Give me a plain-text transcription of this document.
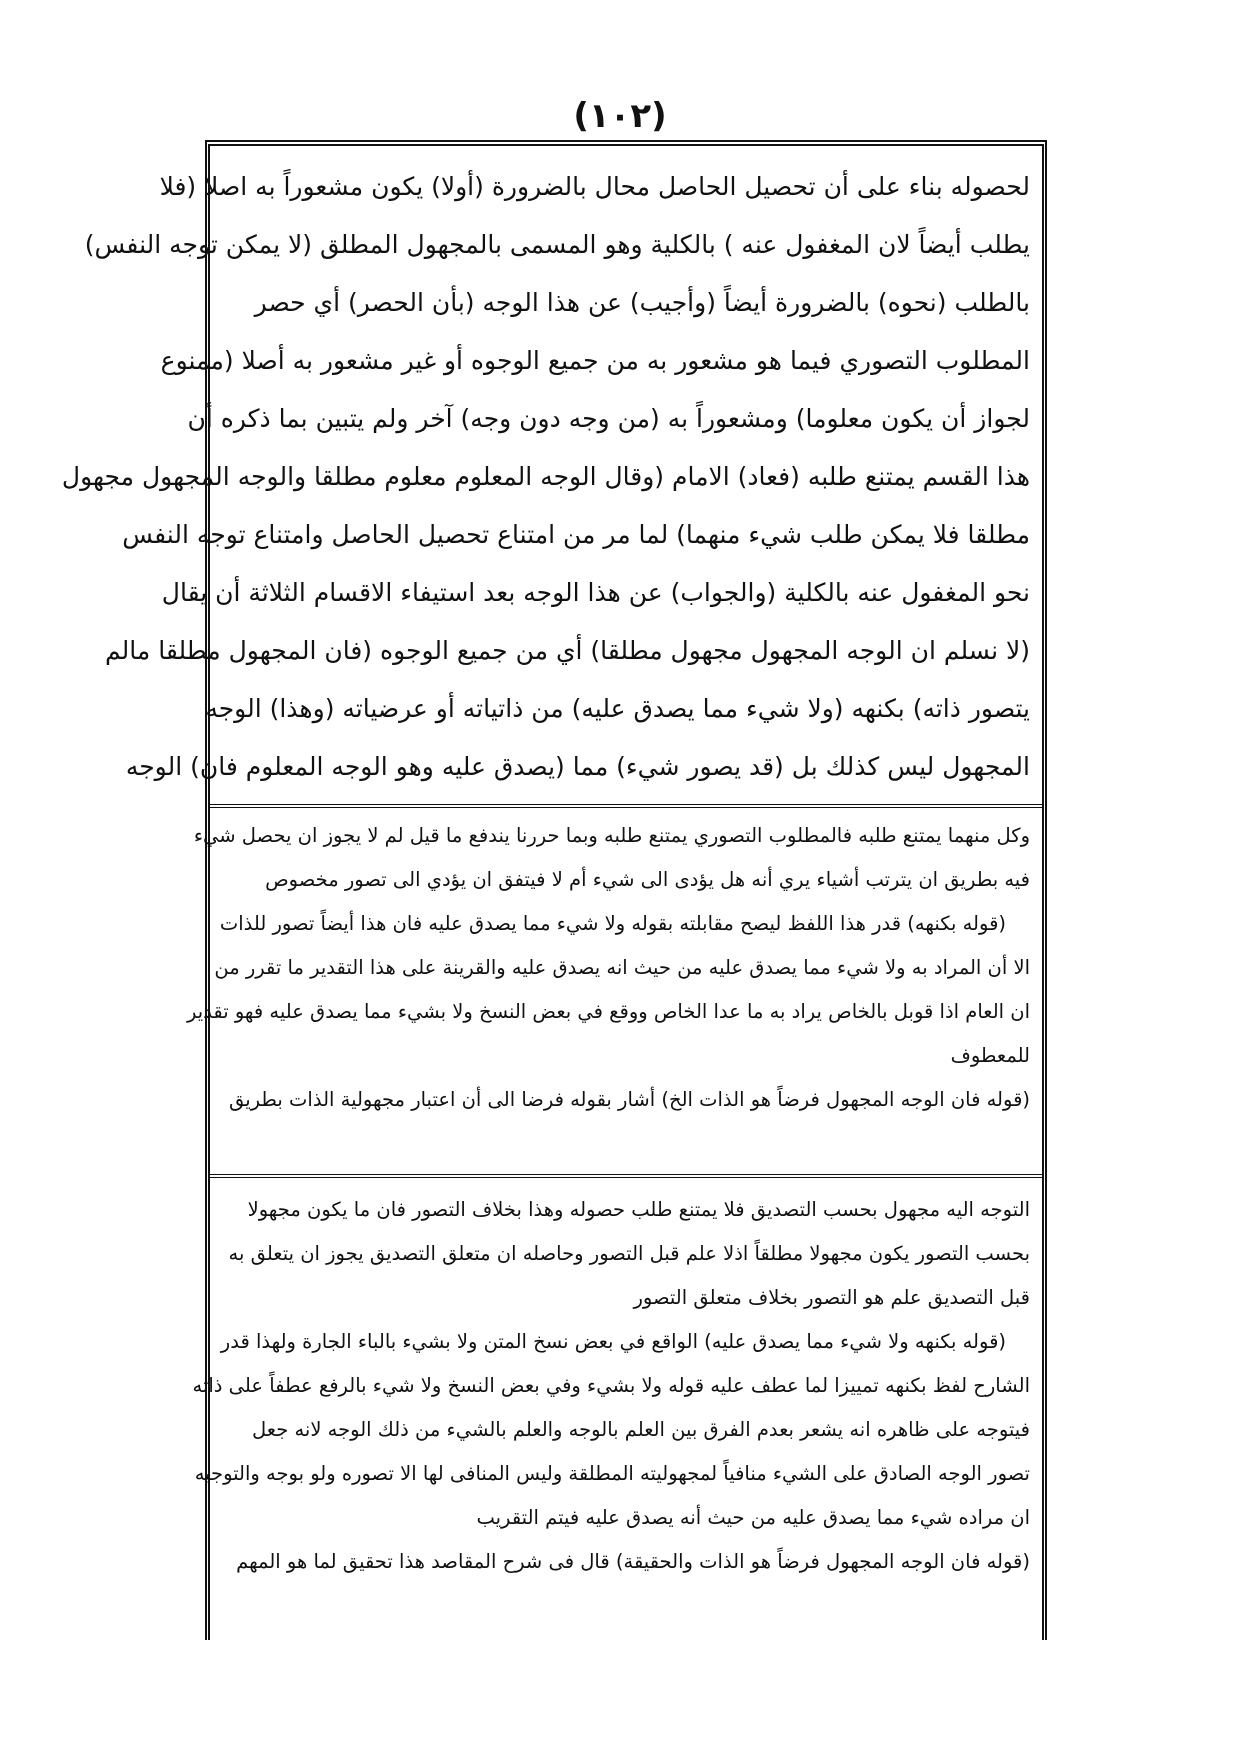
(١٠٢)

لحصوله بناء على أن تحصيل الحاصل محال بالضرورة (أولا) يكون مشعوراً به اصلا (فلا

يطلب أيضاً لان المغفول عنه ) بالكلية وهو المسمى بالمجهول المطلق (لا يمكن توجه النفس)

بالطلب (نحوه) بالضرورة أيضاً (وأجيب) عن هذا الوجه (بأن الحصر) أي حصر

المطلوب التصوري فيما هو مشعور به من جميع الوجوه أو غير مشعور به أصلا (ممنوع

لجواز أن يكون معلوما) ومشعوراً به (من وجه دون وجه) آخر ولم يتبين بما ذكره أن

هذا القسم يمتنع طلبه (فعاد) الامام (وقال الوجه المعلوم معلوم مطلقا والوجه المجهول مجهول

مطلقا فلا يمكن طلب شيء منهما) لما مر من امتناع تحصيل الحاصل وامتناع توجه النفس

نحو المغفول عنه بالكلية (والجواب) عن هذا الوجه بعد استيفاء الاقسام الثلاثة أن يقال

(لا نسلم ان الوجه المجهول مجهول مطلقا) أي من جميع الوجوه (فان المجهول مطلقا مالم

يتصور ذاته) بكنهه (ولا شيء مما يصدق عليه) من ذاتياته أو عرضياته (وهذا) الوجه

المجهول ليس كذلك بل (قد يصور شيء) مما (يصدق عليه وهو الوجه المعلوم فان) الوجه

وكل منهما يمتنع طلبه فالمطلوب التصوري يمتنع طلبه وبما حررنا يندفع ما قيل لم لا يجوز ان يحصل شيء

فيه بطريق ان يترتب أشياء يري أنه هل يؤدى الى شيء أم لا فيتفق ان يؤدي الى تصور مخصوص

(قوله بكنهه) قدر هذا اللفظ ليصح مقابلته بقوله ولا شيء مما يصدق عليه فان هذا أيضاً تصور للذات

الا أن المراد به ولا شيء مما يصدق عليه من حيث انه يصدق عليه والقرينة على هذا التقدير ما تقرر من

ان العام اذا قوبل بالخاص يراد به ما عدا الخاص ووقع في بعض النسخ ولا بشيء مما يصدق عليه فهو تقدير

للمعطوف

(قوله فان الوجه المجهول فرضاً هو الذات الخ) أشار بقوله فرضا الى أن اعتبار مجهولية الذات بطريق

التوجه اليه مجهول بحسب التصديق فلا يمتنع طلب حصوله وهذا بخلاف التصور فان ما يكون مجهولا

بحسب التصور يكون مجهولا مطلقاً اذلا علم قبل التصور وحاصله ان متعلق التصديق يجوز ان يتعلق به

قبل التصديق علم هو التصور بخلاف متعلق التصور

(قوله بكنهه ولا شيء مما يصدق عليه) الواقع في بعض نسخ المتن ولا بشيء بالباء الجارة ولهذا قدر

الشارح لفظ بكنهه تمييزا لما عطف عليه قوله ولا بشيء وفي بعض النسخ ولا شيء بالرفع عطفاً على ذاته

فيتوجه على ظاهره انه يشعر بعدم الفرق بين العلم بالوجه والعلم بالشيء من ذلك الوجه لانه جعل

تصور الوجه الصادق على الشيء منافياً لمجهوليته المطلقة وليس المنافى لها الا تصوره ولو بوجه والتوجيه

ان مراده شيء مما يصدق عليه من حيث أنه يصدق عليه فيتم التقريب

(قوله فان الوجه المجهول فرضاً هو الذات والحقيقة) قال فى شرح المقاصد هذا تحقيق لما هو المهم
